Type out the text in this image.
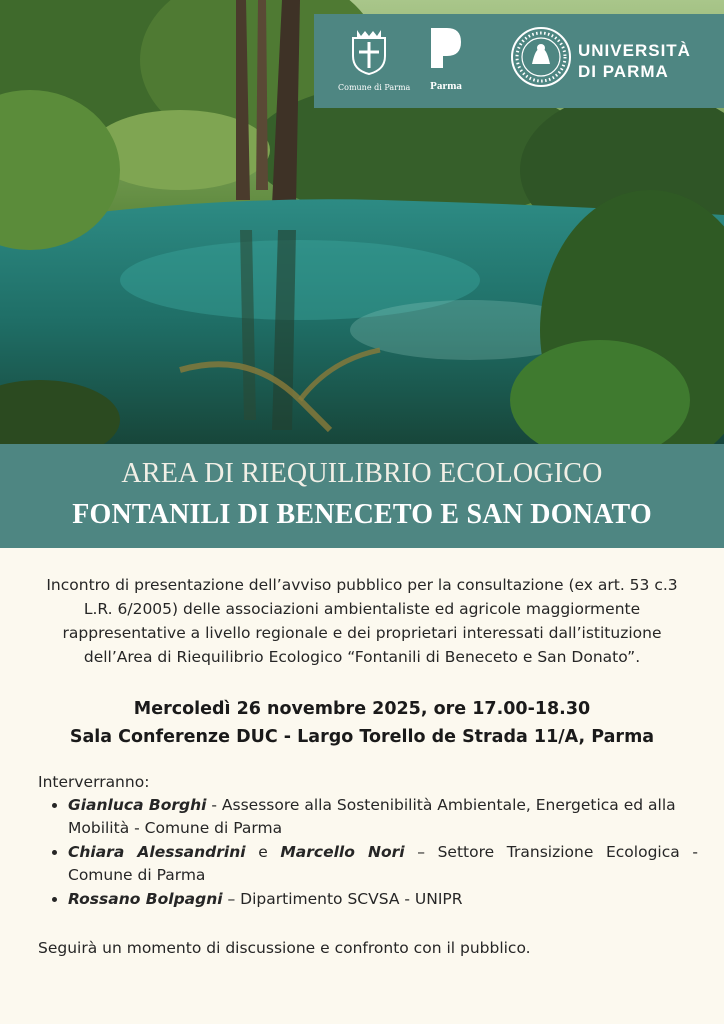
Comune di Parma	Parma
UNIVERSITÀ
DI PARMA
AREA DI RIEQUILIBRIO ECOLOGICO
FONTANILI DI BENECETO E SAN DONATO
Incontro di presentazione dell’avviso pubblico per la consultazione (ex art. 53 c.3 L.R. 6/2005) delle associazioni ambientaliste ed agricole maggiormente rappresentative a livello regionale e dei proprietari interessati dall’istituzione dell’Area di Riequilibrio Ecologico “Fontanili di Beneceto e San Donato”.
Mercoledì 26 novembre 2025, ore 17.00-18.30
Sala Conferenze DUC - Largo Torello de Strada 11/A, Parma
Interverranno:
• Gianluca Borghi - Assessore alla Sostenibilità Ambientale, Energetica ed alla Mobilità - Comune di Parma
• Chiara Alessandrini e Marcello Nori – Settore Transizione Ecologica - Comune di Parma
• Rossano Bolpagni – Dipartimento SCVSA - UNIPR
Seguirà un momento di discussione e confronto con il pubblico.
